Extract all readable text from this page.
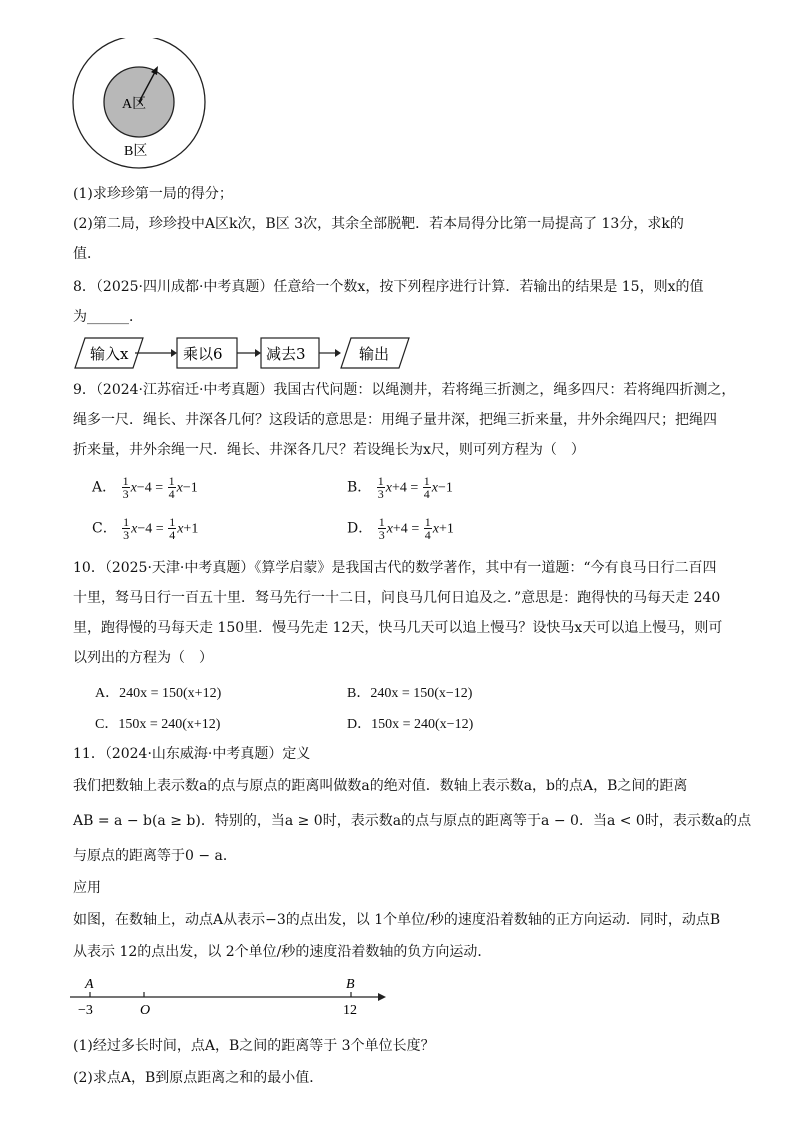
A区
B区
(1)求珍珍第一局的得分；
(2)第二局，珍珍投中A区k次，B区 3次，其余全部脱靶．若本局得分比第一局提高了 13分，求k的
值．
8．（2025·四川成都·中考真题）任意给一个数x，按下列程序进行计算．若输出的结果是 15，则x的值
为______．
输入x	乘以6	减去3	输出
9．（2024·江苏宿迁·中考真题）我国古代问题：以绳测井，若将绳三折测之，绳多四尺：若将绳四折测之，
绳多一尺．绳长、井深各几何？这段话的意思是：用绳子量井深，把绳三折来量，井外余绳四尺；把绳四
折来量，井外余绳一尺．绳长、井深各几尺？若设绳长为x尺，则可列方程为（　）
A． $\frac{1}{3} x-4 = \frac{1}{4} x-1$	B． $\frac{1}{3} x+4 = \frac{1}{4} x-1$
C． $\frac{1}{3} x-4 = \frac{1}{4} x+1$	D． $\frac{1}{3} x+4 = \frac{1}{4} x+1$
10．（2025·天津·中考真题）《算学启蒙》是我国古代的数学著作，其中有一道题：“今有良马日行二百四
十里，驽马日行一百五十里．驽马先行一十二日，问良马几何日追及之．”意思是：跑得快的马每天走 240
里，跑得慢的马每天走 150里．慢马先走 12天，快马几天可以追上慢马？设快马x天可以追上慢马，则可
以列出的方程为（　）
A．240x = 150(x+12)	B．240x = 150(x−12)
C．150x = 240(x+12)	D．150x = 240(x−12)
11．（2024·山东威海·中考真题）定义
我们把数轴上表示数a的点与原点的距离叫做数a的绝对值．数轴上表示数a，b的点A，B之间的距离
AB = a − b(a ≥ b)．特别的，当a ≥ 0时，表示数a的点与原点的距离等于a − 0．当a < 0时，表示数a的点
与原点的距离等于0 − a．
应用
如图，在数轴上，动点A从表示−3的点出发，以 1个单位/秒的速度沿着数轴的正方向运动．同时，动点B
从表示 12的点出发，以 2个单位/秒的速度沿着数轴的负方向运动．
A	B
−3	O	12
(1)经过多长时间，点A，B之间的距离等于 3个单位长度？
(2)求点A，B到原点距离之和的最小值．
